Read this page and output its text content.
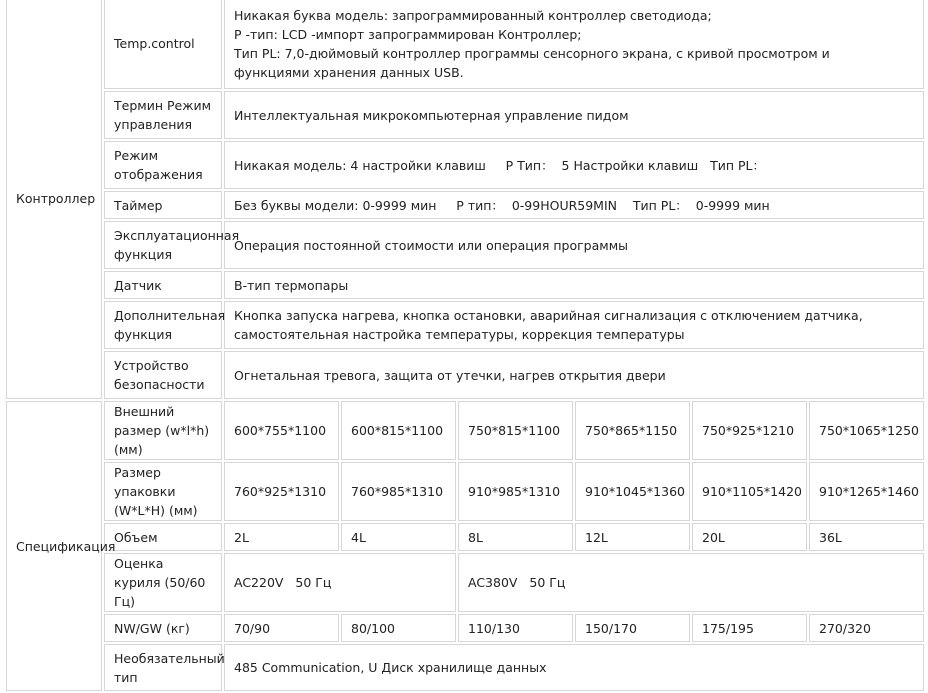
Контроллер	Temp.control	Никакая буква модель: запрограммированный контроллер светодиода;
P -тип: LCD -импорт запрограммирован Контроллер;
Тип PL: 7,0-дюймовый контроллер программы сенсорного экрана, с кривой просмотром и
функциями хранения данных USB.					

	Термин Режим управления	Интеллектуальная микрокомпьютерная управление пидом					
	Режим отображения	Никакая модель: 4 настройки клавиш     P Тип：  5 Настройки клавиш   Тип PL：					
	Таймер	Без буквы модели: 0-9999 мин     P тип：  0-99HOUR59MIN    Тип PL：  0-9999 мин					
	Эксплуатационная функция	Операция постоянной стоимости или операция программы					
	Датчик	B-тип термопары					
	Дополнительная функция	Кнопка запуска нагрева, кнопка остановки, аварийная сигнализация с отключением датчика,
самостоятельная настройка температуры, коррекция температуры					

	Устройство безопасности	Огнетальная тревога, защита от утечки, нагрев открытия двери					
Спецификация	Внешний размер (w*l*h) (мм)	600*755*1100	600*815*1100	750*815*1100	750*865*1150	750*925*1210	750*1065*1250
	Размер упаковки (W*L*H) (мм)	760*925*1310	760*985*1310	910*985*1310	910*1045*1360	910*1105*1420	910*1265*1460
	Объем	2L	4L	8L	12L	20L	36L
	Оценка куриля (50/60 Гц)	AC220V   50 Гц		AC380V   50 Гц			
	NW/GW (кг)	70/90	80/100	110/130	150/170	175/195	270/320
	Необязательный тип	485 Communication, U Диск хранилище данных					
